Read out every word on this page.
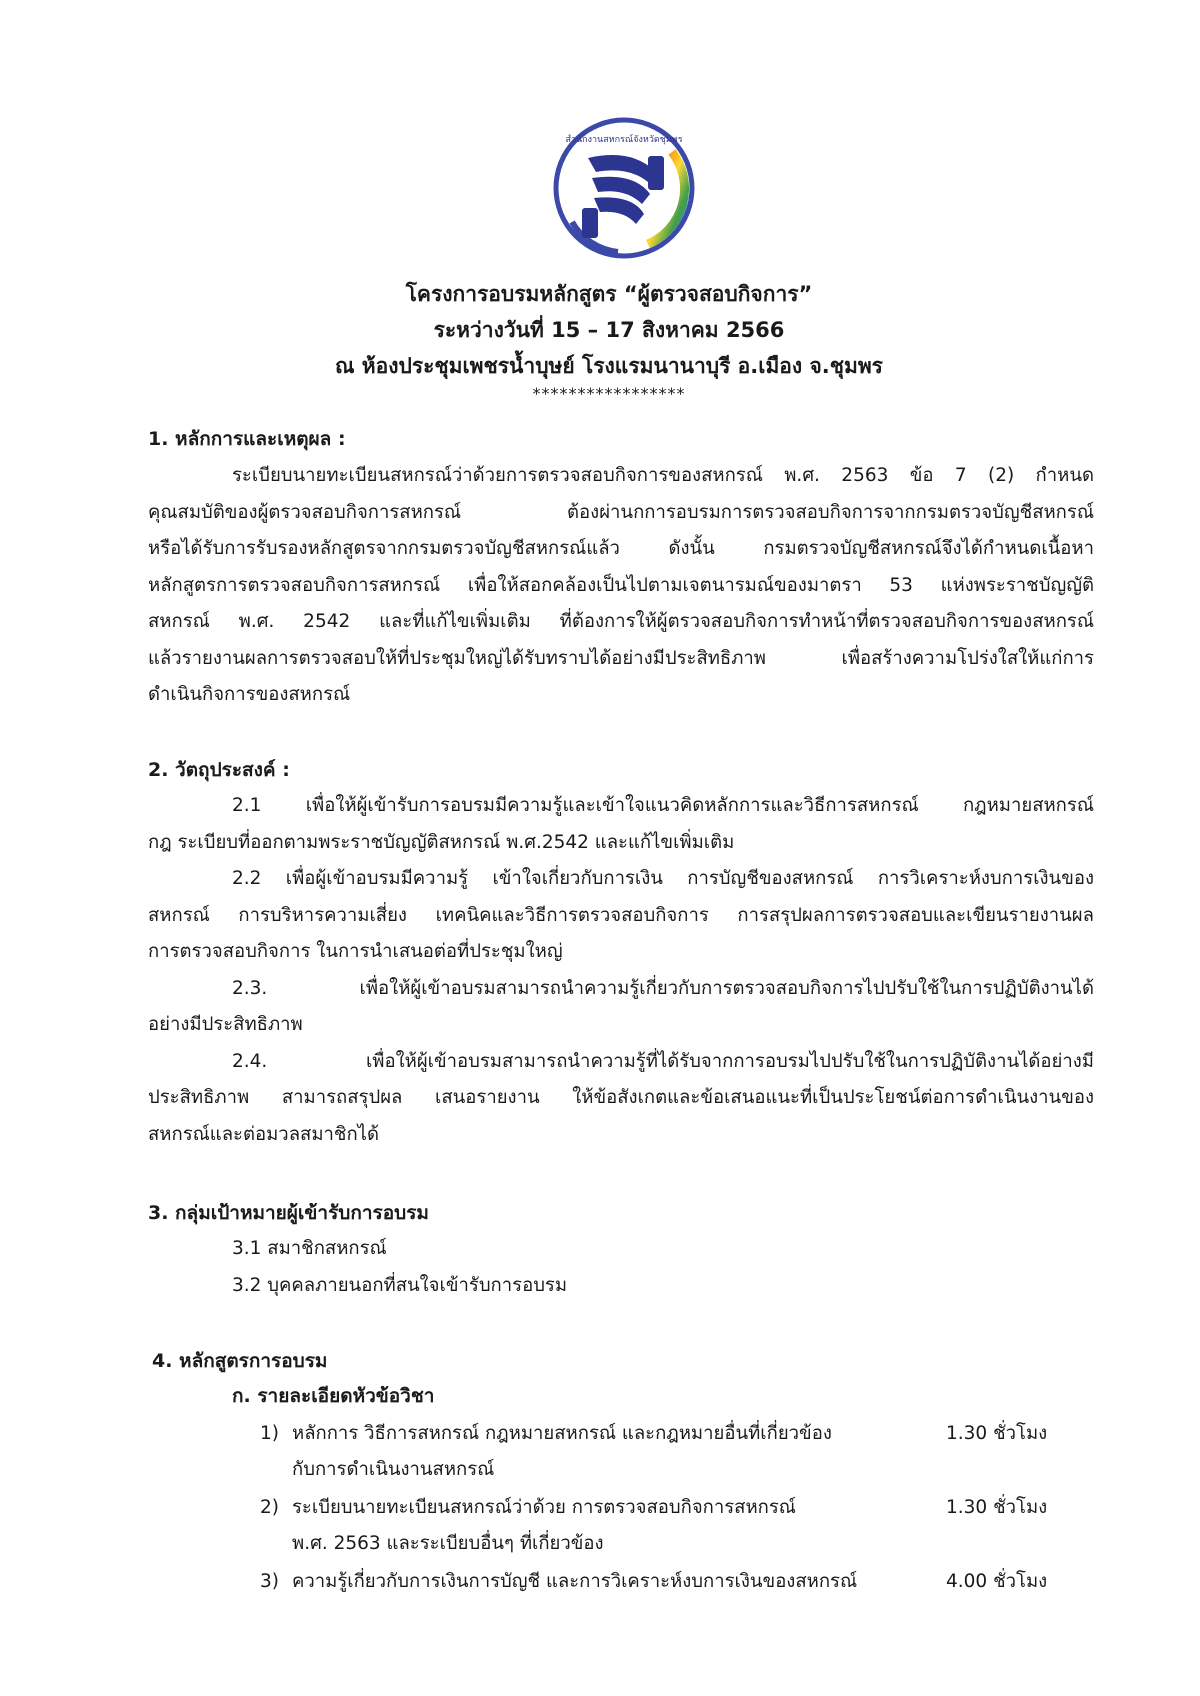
สำนักงานสหกรณ์จังหวัดชุมพร
โครงการอบรมหลักสูตร “ผู้ตรวจสอบกิจการ”
ระหว่างวันที่ 15 – 17 สิงหาคม 2566
ณ ห้องประชุมเพชรน้ำบุษย์ โรงแรมนานาบุรี อ.เมือง จ.ชุมพร
*****************
1. หลักการและเหตุผล :
ระเบียบนายทะเบียนสหกรณ์ว่าด้วยการตรวจสอบกิจการของสหกรณ์ พ.ศ. 2563 ข้อ 7 (2) กำหนด
คุณสมบัติของผู้ตรวจสอบกิจการสหกรณ์ ต้องผ่านกการอบรมการตรวจสอบกิจการจากกรมตรวจบัญชีสหกรณ์
หรือได้รับการรับรองหลักสูตรจากกรมตรวจบัญชีสหกรณ์แล้ว ดังนั้น กรมตรวจบัญชีสหกรณ์จึงได้กำหนดเนื้อหา
หลักสูตรการตรวจสอบกิจการสหกรณ์ เพื่อให้สอกคล้องเป็นไปตามเจตนารมณ์ของมาตรา 53 แห่งพระราชบัญญัติ
สหกรณ์ พ.ศ. 2542 และที่แก้ไขเพิ่มเติม ที่ต้องการให้ผู้ตรวจสอบกิจการทำหน้าที่ตรวจสอบกิจการของสหกรณ์
แล้วรายงานผลการตรวจสอบให้ที่ประชุมใหญ่ได้รับทราบได้อย่างมีประสิทธิภาพ เพื่อสร้างความโปร่งใสให้แก่การ
ดำเนินกิจการของสหกรณ์
2. วัตถุประสงค์ :
2.1 เพื่อให้ผู้เข้ารับการอบรมมีความรู้และเข้าใจแนวคิดหลักการและวิธีการสหกรณ์ กฎหมายสหกรณ์
กฎ ระเบียบที่ออกตามพระราชบัญญัติสหกรณ์ พ.ศ.2542 และแก้ไขเพิ่มเติม
2.2 เพื่อผู้เข้าอบรมมีความรู้ เข้าใจเกี่ยวกับการเงิน การบัญชีของสหกรณ์ การวิเคราะห์งบการเงินของ
สหกรณ์ การบริหารความเสี่ยง เทคนิคและวิธีการตรวจสอบกิจการ การสรุปผลการตรวจสอบและเขียนรายงานผล
การตรวจสอบกิจการ ในการนำเสนอต่อที่ประชุมใหญ่
2.3. เพื่อให้ผู้เข้าอบรมสามารถนำความรู้เกี่ยวกับการตรวจสอบกิจการไปปรับใช้ในการปฏิบัติงานได้
อย่างมีประสิทธิภาพ
2.4. เพื่อให้ผู้เข้าอบรมสามารถนำความรู้ที่ได้รับจากการอบรมไปปรับใช้ในการปฏิบัติงานได้อย่างมี
ประสิทธิภาพ สามารถสรุปผล เสนอรายงาน ให้ข้อสังเกตและข้อเสนอแนะที่เป็นประโยชน์ต่อการดำเนินงานของ
สหกรณ์และต่อมวลสมาชิกได้
3. กลุ่มเป้าหมายผู้เข้ารับการอบรม
3.1 สมาชิกสหกรณ์
3.2 บุคคลภายนอกที่สนใจเข้ารับการอบรม
4. หลักสูตรการอบรม
ก. รายละเอียดหัวข้อวิชา
1) หลักการ วิธีการสหกรณ์ กฎหมายสหกรณ์ และกฎหมายอื่นที่เกี่ยวข้อง
กับการดำเนินงานสหกรณ์
1.30 ชั่วโมง
2) ระเบียบนายทะเบียนสหกรณ์ว่าด้วย การตรวจสอบกิจการสหกรณ์
พ.ศ. 2563 และระเบียบอื่นๆ ที่เกี่ยวข้อง
1.30 ชั่วโมง
3) ความรู้เกี่ยวกับการเงินการบัญชี และการวิเคราะห์งบการเงินของสหกรณ์	4.00 ชั่วโมง
